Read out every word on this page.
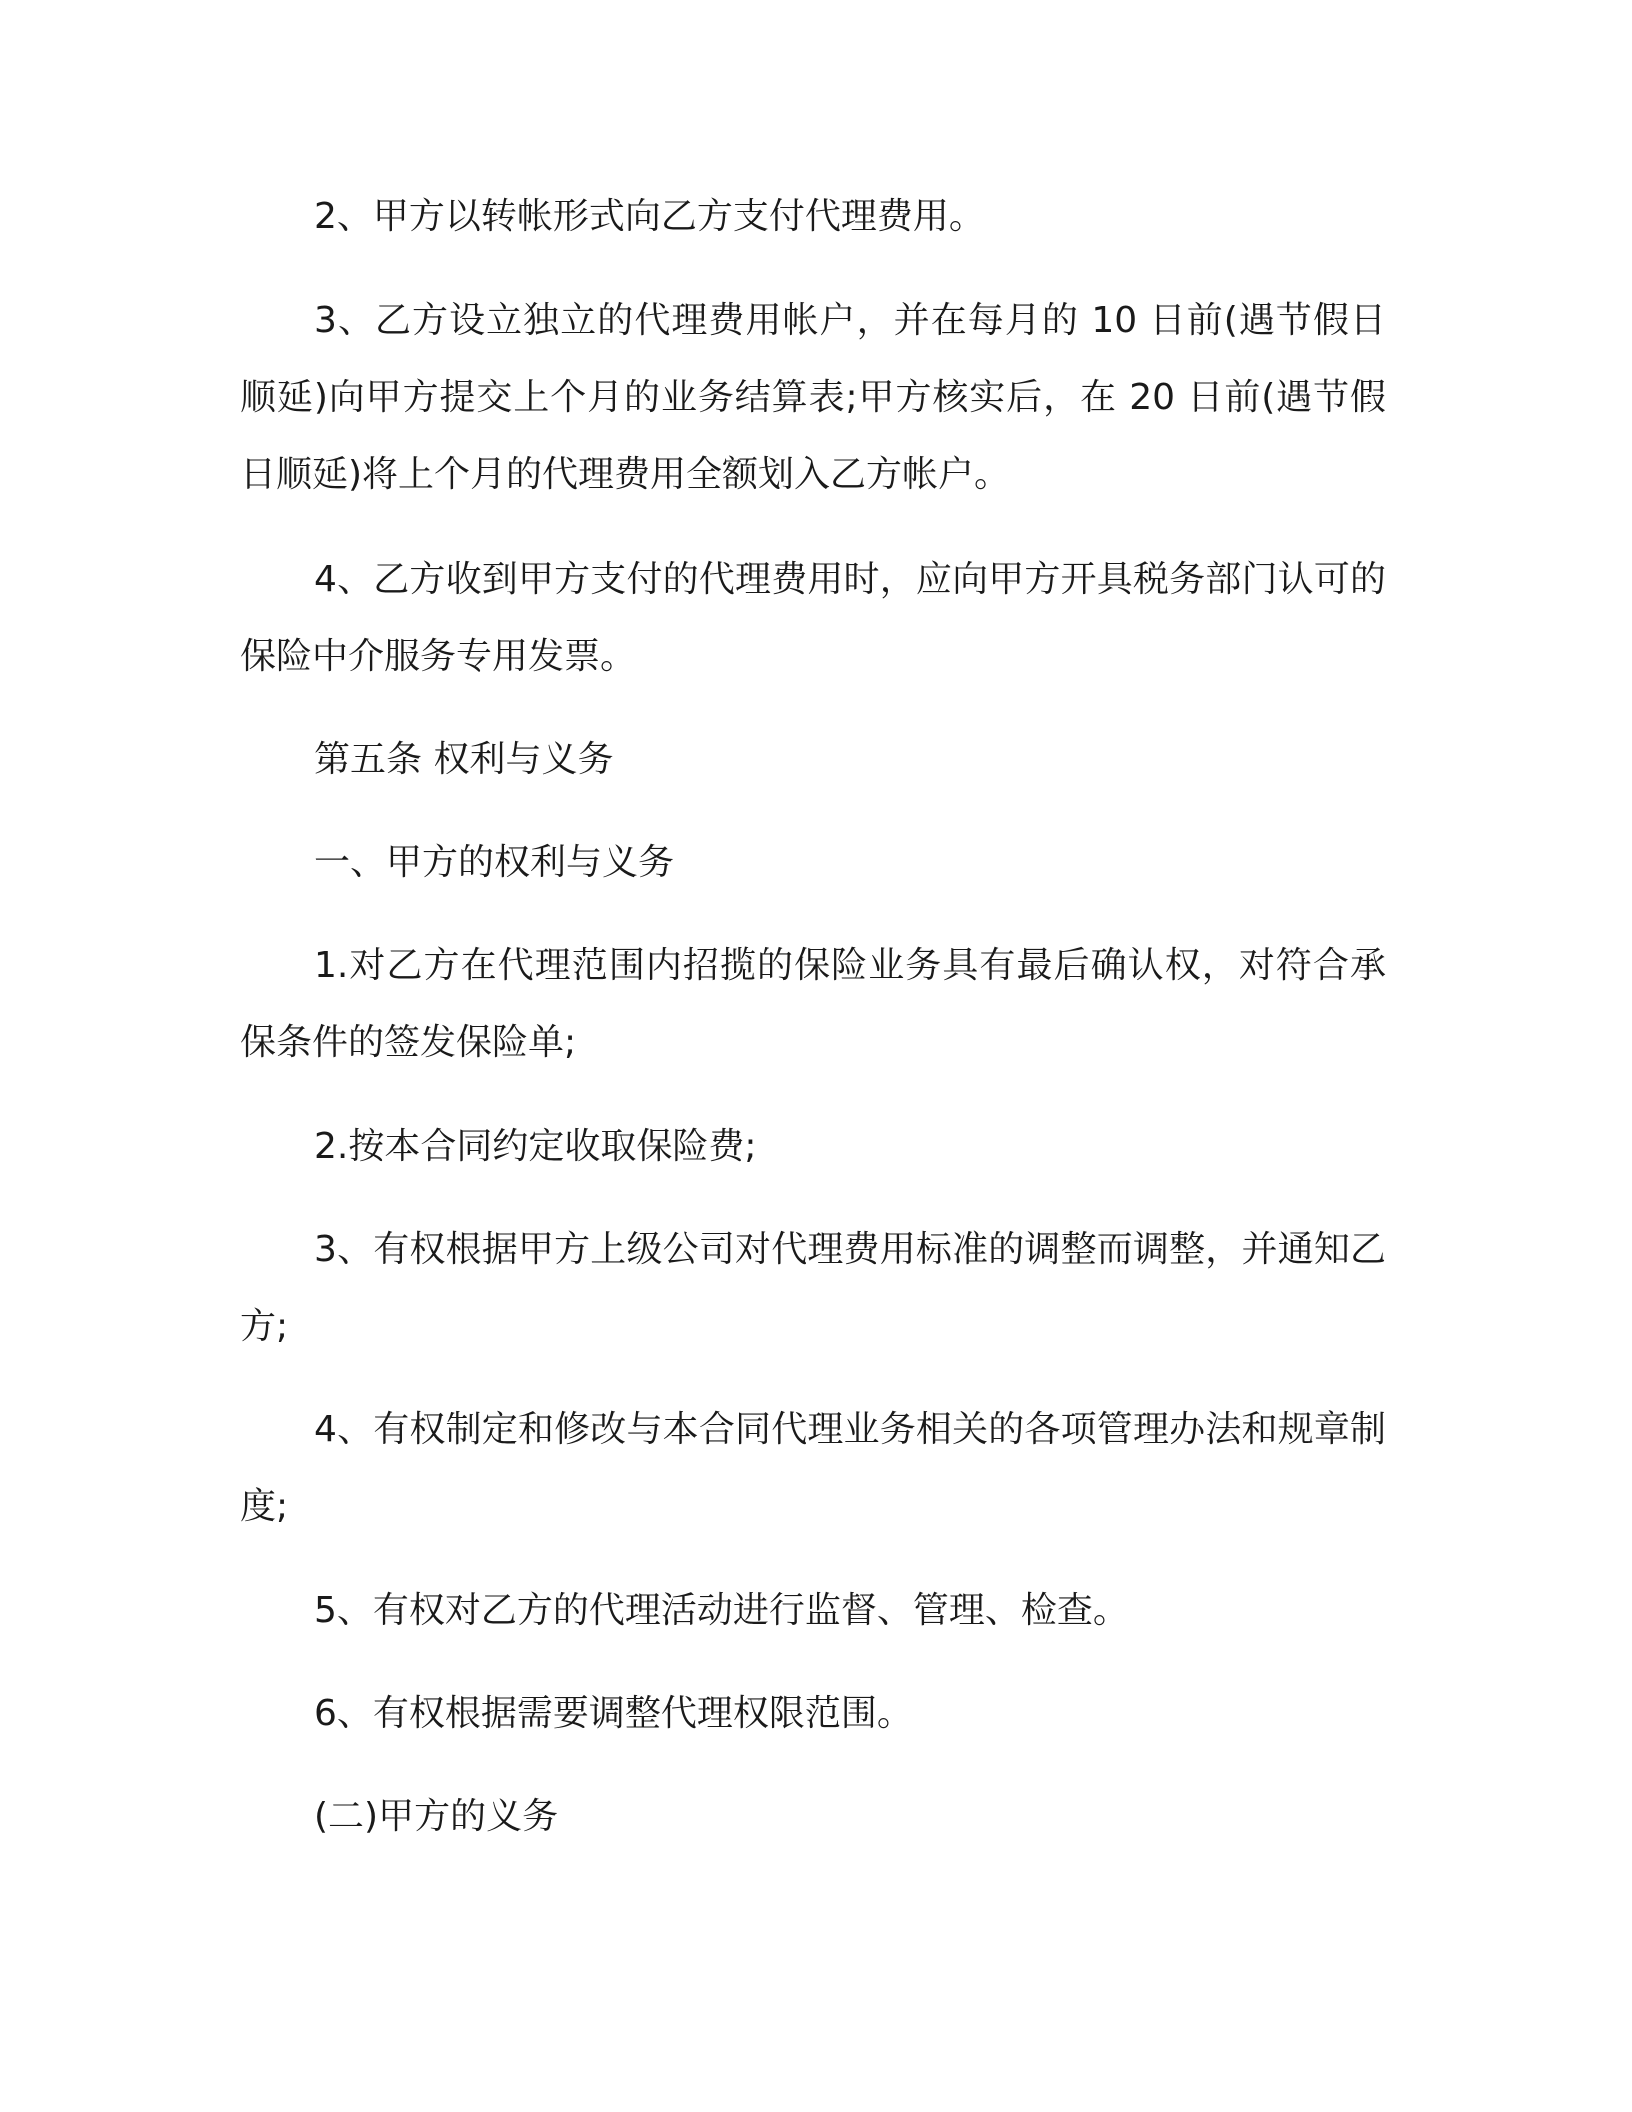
2、甲方以转帐形式向乙方支付代理费用。

3、乙方设立独立的代理费用帐户，并在每月的 10 日前(遇节假日顺延)向甲方提交上个月的业务结算表;甲方核实后，在 20 日前(遇节假日顺延)将上个月的代理费用全额划入乙方帐户。

4、乙方收到甲方支付的代理费用时，应向甲方开具税务部门认可的保险中介服务专用发票。

第五条 权利与义务

一、甲方的权利与义务

1.对乙方在代理范围内招揽的保险业务具有最后确认权，对符合承保条件的签发保险单;

2.按本合同约定收取保险费;

3、有权根据甲方上级公司对代理费用标准的调整而调整，并通知乙方;

4、有权制定和修改与本合同代理业务相关的各项管理办法和规章制度;

5、有权对乙方的代理活动进行监督、管理、检查。

6、有权根据需要调整代理权限范围。

(二)甲方的义务
